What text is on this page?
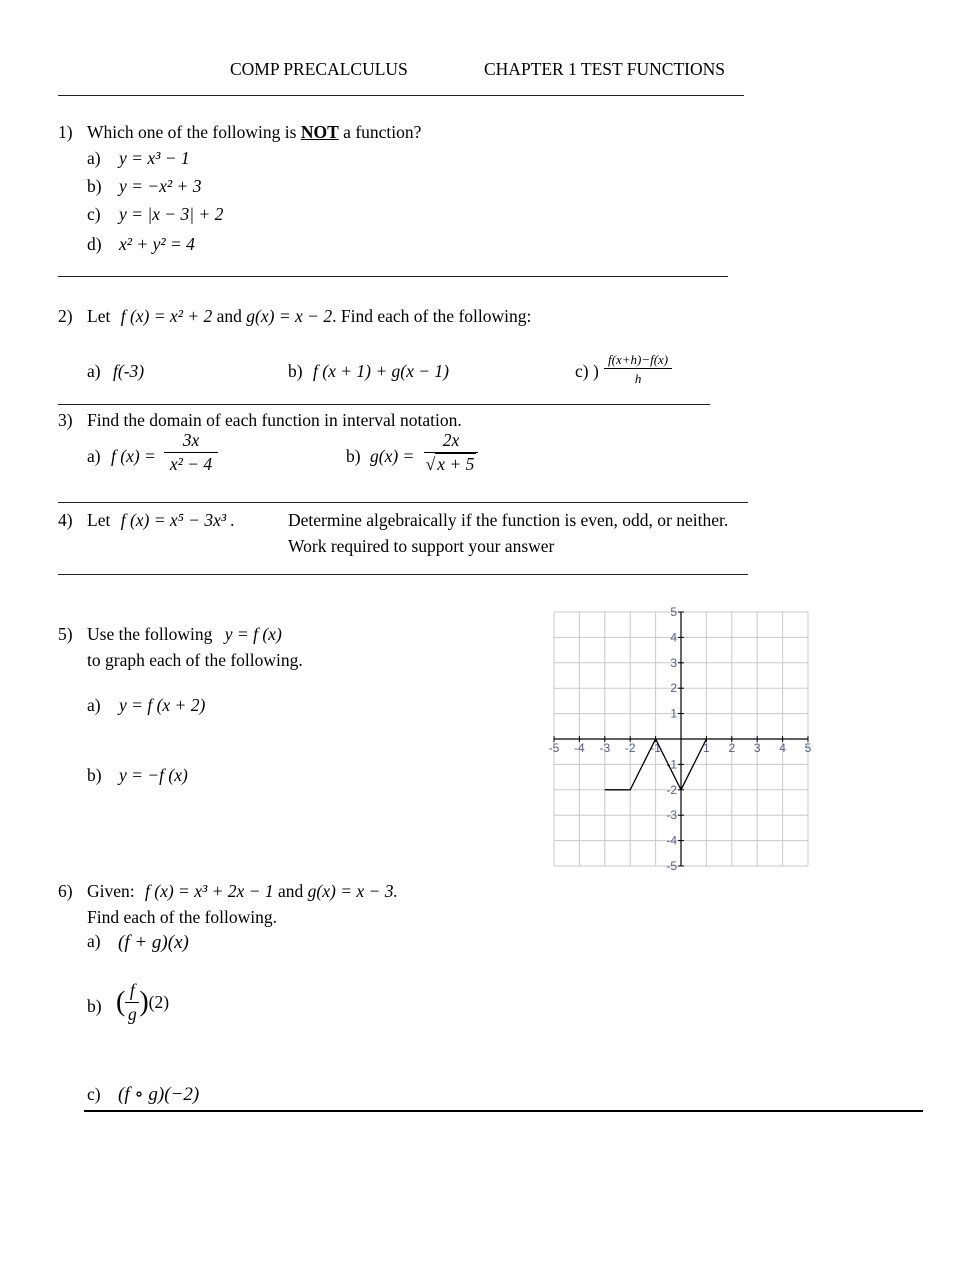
COMP PRECALCULUS	CHAPTER 1 TEST FUNCTIONS
1) Which one of the following is NOT a function?
a) y = x³ − 1
b) y = −x² + 3
c) y = |x − 3| + 2
d) x² + y² = 4
2) Let f (x) = x² + 2 and g(x) = x − 2. Find each of the following:
a) f(-3)	b) f (x + 1) + g(x − 1)	c) ) $\frac{f(x+h)-f(x)}{h}$
3) Find the domain of each function in interval notation.
a) f $(x) = \frac{3x}{\text{x² − 4}}$	b) $g(x) = \frac{2x}{√ x + 5}$
4) Let f (x) = x⁵ − 3x³ .	Determine algebraically if the function is even, odd, or neither.
Work required to support your answer
5) Use the following y = f (x)
to graph each of the following.
a) y = f (x + 2)
b) y = −f (x)
-5 -4 -3 -2 -1	1 2 3 4 5
5
4
3
2
1
-1
-2
-3
-4
-5
6) Given: f (x) = x³ + 2x − 1 and g(x) = x − 3.
Find each of the following.
a) (f + g)(x)
b) ( $\frac{f}{g} )(2)$
c) (f ∘ g)(−2)
